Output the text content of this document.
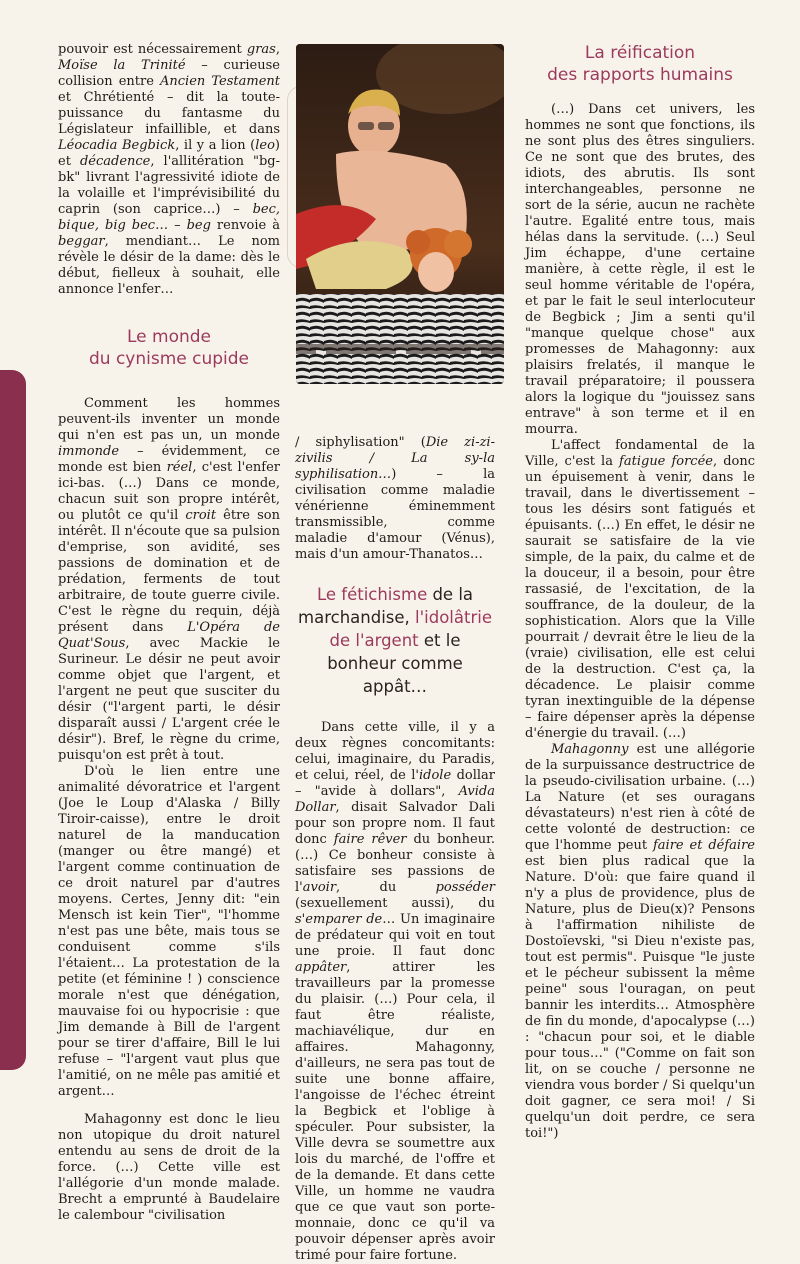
pouvoir est nécessairement gras, Moïse la Trinité – curieuse collision entre Ancien Testament et Chrétienté – dit la toute-puissance du fantasme du Législateur infaillible, et dans Léocadia Begbick, il y a lion (leo) et décadence, l'allitération "bg-bk" livrant l'agressivité idiote de la volaille et l'imprévisibilité du caprin (son caprice…) – bec, bique, big bec… – beg renvoie à beggar, mendiant… Le nom révèle le désir de la dame: dès le début, fielleux à souhait, elle annonce l'enfer…

Le monde
du cynisme cupide

Comment les hommes peuvent-ils inventer un monde qui n'en est pas un, un monde immonde – évidemment, ce monde est bien réel, c'est l'enfer ici-bas. (…) Dans ce monde, chacun suit son propre intérêt, ou plutôt ce qu'il croit être son intérêt. Il n'écoute que sa pulsion d'emprise, son avidité, ses passions de domination et de prédation, ferments de tout arbitraire, de toute guerre civile. C'est le règne du requin, déjà présent dans L'Opéra de Quat'Sous, avec Mackie le Surineur. Le désir ne peut avoir comme objet que l'argent, et l'argent ne peut que susciter du désir ("l'argent parti, le désir disparaît aussi / L'argent crée le désir"). Bref, le règne du crime, puisqu'on est prêt à tout.

D'où le lien entre une animalité dévoratrice et l'argent (Joe le Loup d'Alaska / Billy Tiroir-caisse), entre le droit naturel de la manducation (manger ou être mangé) et l'argent comme continuation de ce droit naturel par d'autres moyens. Certes, Jenny dit: "ein Mensch ist kein Tier", "l'homme n'est pas une bête, mais tous se conduisent comme s'ils l'étaient… La protestation de la petite (et féminine ! ) conscience morale n'est que dénégation, mauvaise foi ou hypocrisie : que Jim demande à Bill de l'argent pour se tirer d'affaire, Bill le lui refuse – "l'argent vaut plus que l'amitié, on ne mêle pas amitié et argent…

Mahagonny est donc le lieu non utopique du droit naturel entendu au sens de droit de la force. (…) Cette ville est l'allégorie d'un monde malade. Brecht a emprunté à Baudelaire le calembour "civilisation

/ siphylisation" (Die zi-zi-zivilis / La sy-la syphilisation…) – la civilisation comme maladie vénérienne éminemment transmissible, comme maladie d'amour (Vénus), mais d'un amour-Thanatos…

Le fétichisme de la marchandise, l'idolâtrie de l'argent et le bonheur comme appât…

Dans cette ville, il y a deux règnes concomitants: celui, imaginaire, du Paradis, et celui, réel, de l'idole dollar – "avide à dollars", Avida Dollar, disait Salvador Dali pour son propre nom. Il faut donc faire rêver du bonheur. (…) Ce bonheur consiste à satisfaire ses passions de l'avoir, du posséder (sexuellement aussi), du s'emparer de… Un imaginaire de prédateur qui voit en tout une proie. Il faut donc appâter, attirer les travailleurs par la promesse du plaisir. (…) Pour cela, il faut être réaliste, machiavélique, dur en affaires. Mahagonny, d'ailleurs, ne sera pas tout de suite une bonne affaire, l'angoisse de l'échec étreint la Begbick et l'oblige à spéculer. Pour subsister, la Ville devra se soumettre aux lois du marché, de l'offre et de la demande. Et dans cette Ville, un homme ne vaudra que ce que vaut son porte-monnaie, donc ce qu'il va pouvoir dépenser après avoir trimé pour faire fortune.

La réification
des rapports humains

(…) Dans cet univers, les hommes ne sont que fonctions, ils ne sont plus des êtres singuliers. Ce ne sont que des brutes, des idiots, des abrutis. Ils sont interchangeables, personne ne sort de la série, aucun ne rachète l'autre. Egalité entre tous, mais hélas dans la servitude. (…) Seul Jim échappe, d'une certaine manière, à cette règle, il est le seul homme véritable de l'opéra, et par le fait le seul interlocuteur de Begbick ; Jim a senti qu'il "manque quelque chose" aux promesses de Mahagonny: aux plaisirs frelatés, il manque le travail préparatoire; il poussera alors la logique du "jouissez sans entrave" à son terme et il en mourra.

L'affect fondamental de la Ville, c'est la fatigue forcée, donc un épuisement à venir, dans le travail, dans le divertissement – tous les désirs sont fatigués et épuisants. (…) En effet, le désir ne saurait se satisfaire de la vie simple, de la paix, du calme et de la douceur, il a besoin, pour être rassasié, de l'excitation, de la souffrance, de la douleur, de la sophistication. Alors que la Ville pourrait / devrait être le lieu de la (vraie) civilisation, elle est celui de la destruction. C'est ça, la décadence. Le plaisir comme tyran inextinguible de la dépense – faire dépenser après la dépense d'énergie du travail. (…)

Mahagonny est une allégorie de la surpuissance destructrice de la pseudo-civilisation urbaine. (…) La Nature (et ses ouragans dévastateurs) n'est rien à côté de cette volonté de destruction: ce que l'homme peut faire et défaire est bien plus radical que la Nature. D'où: que faire quand il n'y a plus de providence, plus de Nature, plus de Dieu(x)? Pensons à l'affirmation nihiliste de Dostoïevski, "si Dieu n'existe pas, tout est permis". Puisque "le juste et le pécheur subissent la même peine" sous l'ouragan, on peut bannir les interdits… Atmosphère de fin du monde, d'apocalypse (…) : "chacun pour soi, et le diable pour tous…" ("Comme on fait son lit, on se couche / personne ne viendra vous border / Si quelqu'un doit gagner, ce sera moi! / Si quelqu'un doit perdre, ce sera toi!")
